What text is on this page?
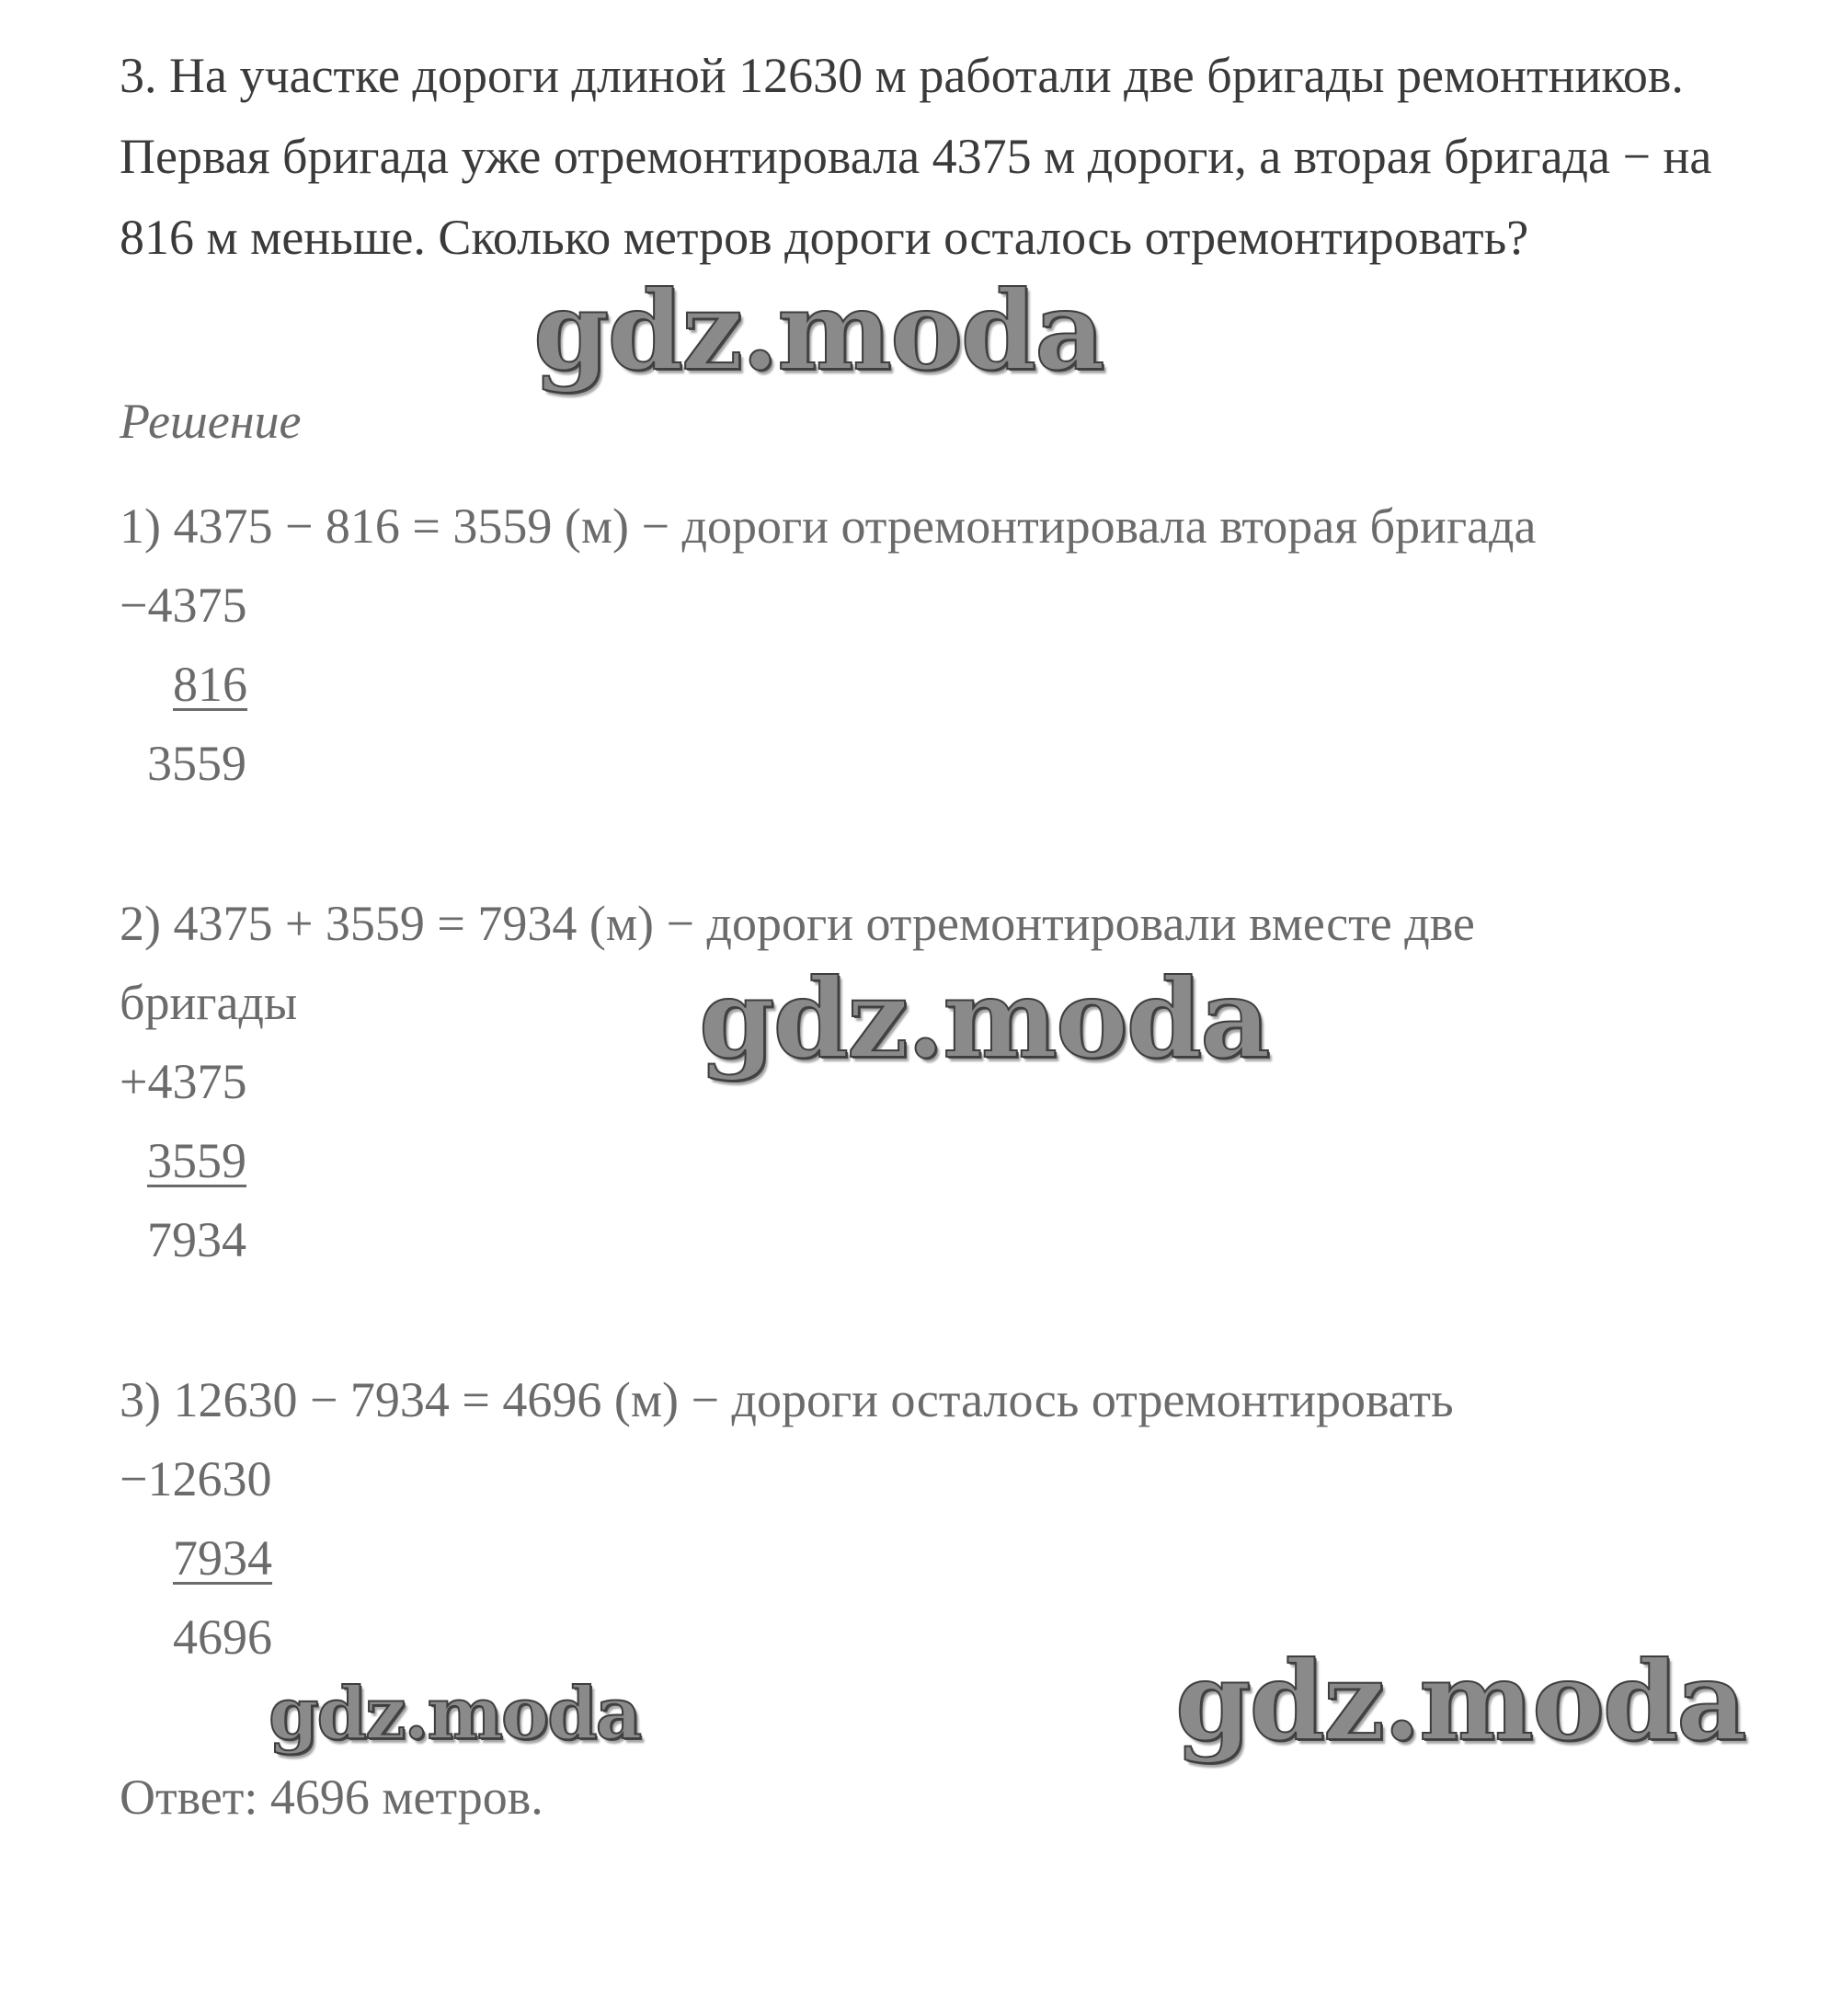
3. На участке дороги длиной 12630 м работали две бригады ремонтников. Первая бригада уже отремонтировала 4375 м дороги, а вторая бригада − на 816 м меньше. Сколько метров дороги осталось отремонтировать?
Решение
1) 4375 − 816 = 3559 (м) − дороги отремонтировала вторая бригада
−4375
816
3559
2) 4375 + 3559 = 7934 (м) − дороги отремонтировали вместе две
бригады
+4375
3559
7934
3) 12630 − 7934 = 4696 (м) − дороги осталось отремонтировать
−12630
7934
4696
Ответ: 4696 метров.
gdz.moda
gdz.moda
gdz.moda	gdz.moda
